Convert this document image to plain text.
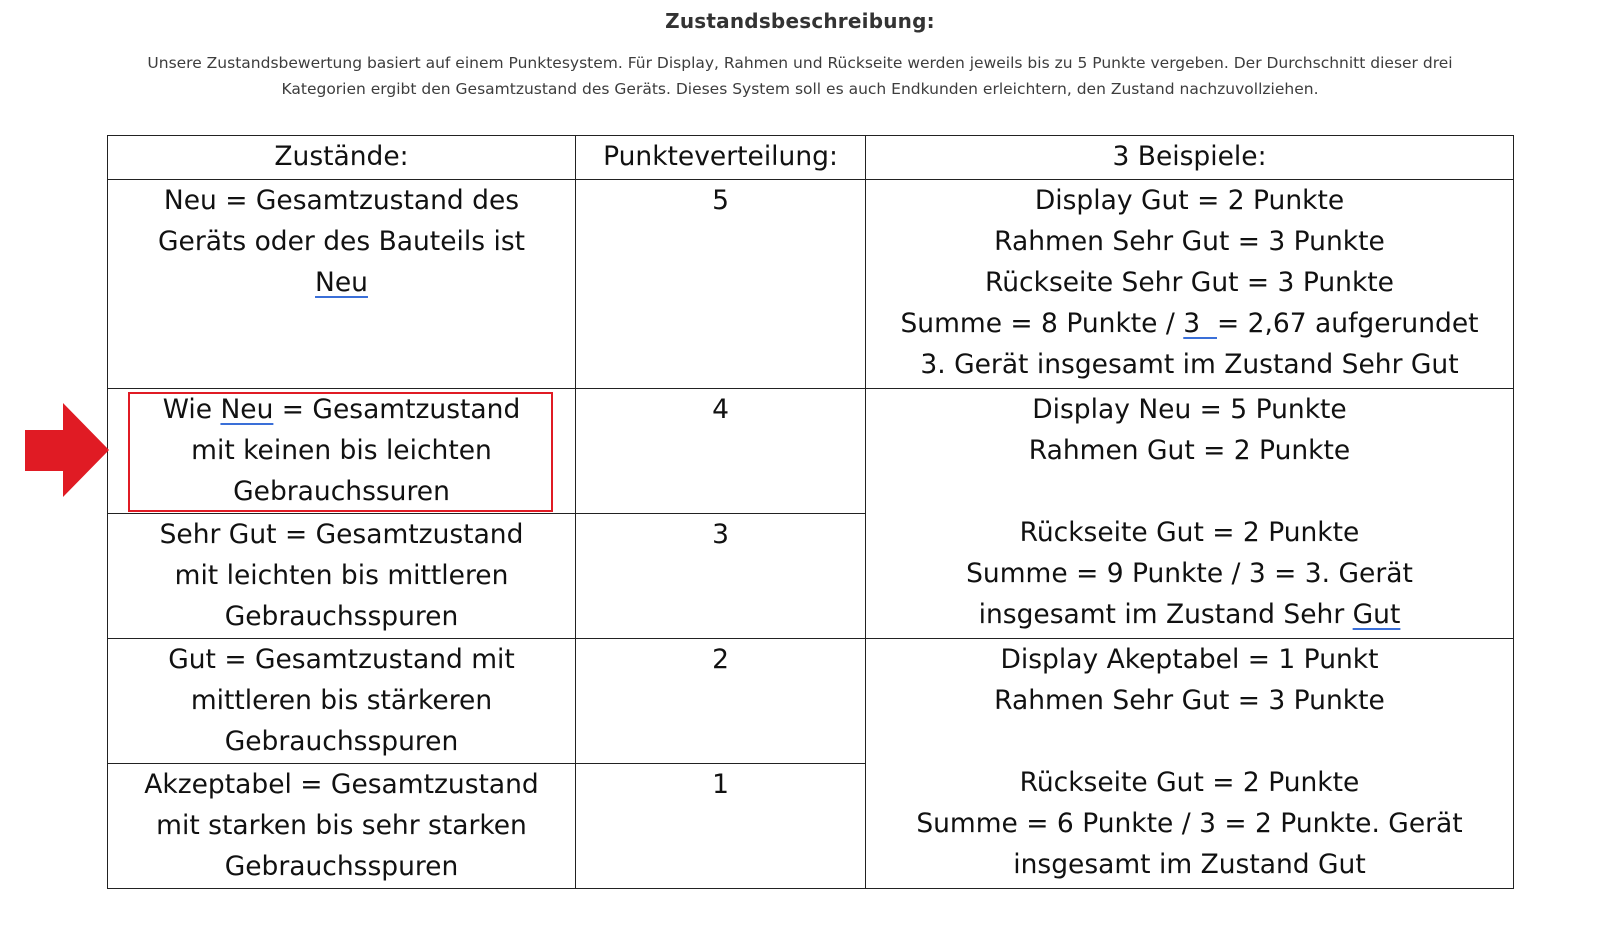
Zustandsbeschreibung:
Unsere Zustandsbewertung basiert auf einem Punktesystem. Für Display, Rahmen und Rückseite werden jeweils bis zu 5 Punkte vergeben. Der Durchschnitt dieser drei
Kategorien ergibt den Gesamtzustand des Geräts. Dieses System soll es auch Endkunden erleichtern, den Zustand nachzuvollziehen.
Zustände:	Punkteverteilung:	3 Beispiele:

Neu = Gesamtzustand des
Geräts oder des Bauteils ist
Neu	5	Display Gut = 2 Punkte
Rahmen Sehr Gut = 3 Punkte
Rückseite Sehr Gut = 3 Punkte
Summe = 8 Punkte / 3  = 2,67 aufgerundet
3. Gerät insgesamt im Zustand Sehr Gut

Wie Neu = Gesamtzustand
mit keinen bis leichten
Gebrauchssuren	4	Display Neu = 5 Punkte
Rahmen Gut = 2 Punkte
Rückseite Gut = 2 Punkte
Summe = 9 Punkte / 3 = 3. Gerät
insgesamt im Zustand Sehr Gut

Sehr Gut = Gesamtzustand
mit leichten bis mittleren
Gebrauchsspuren	3	

Gut = Gesamtzustand mit
mittleren bis stärkeren
Gebrauchsspuren	2	Display Akeptabel = 1 Punkt
Rahmen Sehr Gut = 3 Punkte
Rückseite Gut = 2 Punkte
Summe = 6 Punkte / 3 = 2 Punkte. Gerät
insgesamt im Zustand Gut

Akzeptabel = Gesamtzustand
mit starken bis sehr starken
Gebrauchsspuren	1	
